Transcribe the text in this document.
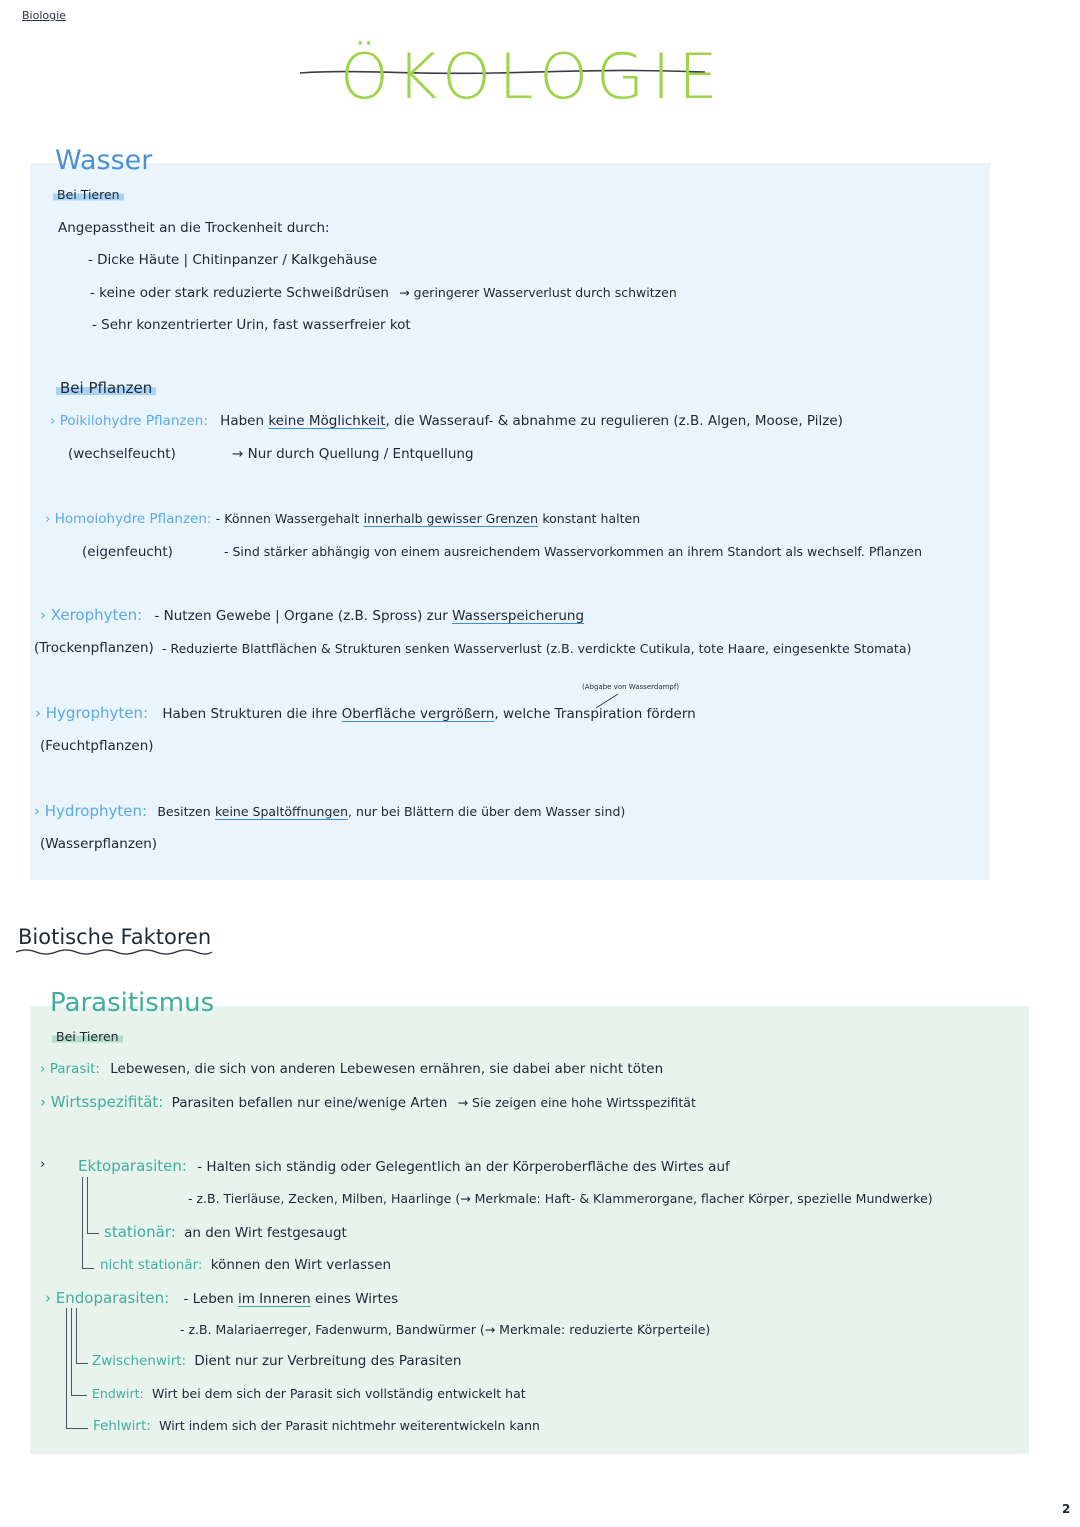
Biologie
ÖKOLOGIE
Wasser
Bei Tieren
Angepasstheit an die Trockenheit durch:
- Dicke Häute | Chitinpanzer / Kalkgehäuse
- keine oder stark reduzierte Schweißdrüsen → geringerer Wasserverlust durch schwitzen
- Sehr konzentrierter Urin, fast wasserfreier kot
Bei Pflanzen
› Poikilohydre Pflanzen: Haben keine Möglichkeit, die Wasserauf- & abnahme zu regulieren (z.B. Algen, Moose, Pilze)
(wechselfeucht)	→ Nur durch Quellung / Entquellung
› Homoiohydre Pflanzen: - Können Wassergehalt innerhalb gewisser Grenzen konstant halten
(eigenfeucht)	- Sind stärker abhängig von einem ausreichendem Wasservorkommen an ihrem Standort als wechself. Pflanzen
› Xerophyten: - Nutzen Gewebe | Organe (z.B. Spross) zur Wasserspeicherung
(Trockenpflanzen) - Reduzierte Blattflächen & Strukturen senken Wasserverlust (z.B. verdickte Cutikula, tote Haare, eingesenkte Stomata)
(Abgabe von Wasserdampf)
› Hygrophyten: Haben Strukturen die ihre Oberfläche vergrößern, welche Transpiration fördern
(Feuchtpflanzen)
› Hydrophyten: Besitzen keine Spaltöffnungen, nur bei Blättern die über dem Wasser sind)
(Wasserpflanzen)
Biotische Faktoren
Parasitismus
Bei Tieren
› Parasit: Lebewesen, die sich von anderen Lebewesen ernähren, sie dabei aber nicht töten
› Wirtsspezifität: Parasiten befallen nur eine/wenige Arten → Sie zeigen eine hohe Wirtsspezifität
› Ektoparasiten: - Halten sich ständig oder Gelegentlich an der Körperoberfläche des Wirtes auf
- z.B. Tierläuse, Zecken, Milben, Haarlinge (→ Merkmale: Haft- & Klammerorgane, flacher Körper, spezielle Mundwerke)
stationär: an den Wirt festgesaugt
nicht stationär: können den Wirt verlassen
› Endoparasiten: - Leben im Inneren eines Wirtes
- z.B. Malariaerreger, Fadenwurm, Bandwürmer (→ Merkmale: reduzierte Körperteile)
Zwischenwirt: Dient nur zur Verbreitung des Parasiten
Endwirt: Wirt bei dem sich der Parasit sich vollständig entwickelt hat
Fehlwirt: Wirt indem sich der Parasit nichtmehr weiterentwickeln kann
2
